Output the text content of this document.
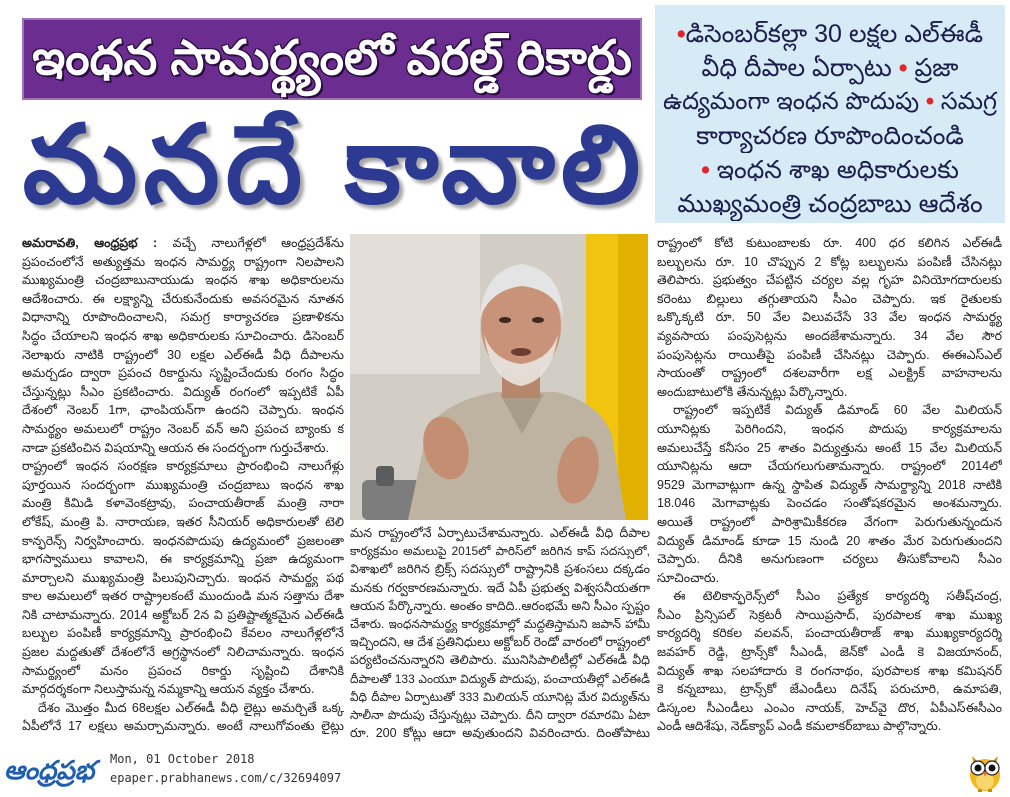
ఇంధన సామర్థ్యంలో వరల్డ్ రికార్డు
మనదే కావాలి
•డిసెంబర్‌కల్లా 30 లక్షల ఎల్ఈడీ
వీధి దీపాల ఏర్పాటు • ప్రజా
ఉద్యమంగా ఇంధన పొదుపు • సమగ్ర
కార్యాచరణ రూపొందించండి
• ఇంధన శాఖ అధికారులకు
ముఖ్యమంత్రి చంద్రబాబు ఆదేశం
అమరావతి, ఆంధ్రప్రభ : వచ్చే నాలుగేళ్లలో ఆంధ్రప్రదేశ్‌ను
ప్రపంచంలోనే అత్యుత్తమ ఇంధన సామర్థ్య రాష్ట్రంగా నిలపాలని
ముఖ్యమంత్రి చంద్రబాబునాయుడు ఇంధన శాఖ అధికారులను
ఆదేశించారు. ఈ లక్ష్యాన్ని చేరుకునేందుకు అవసరమైన నూతన
విధానాన్ని రూపొందించాలని, సమగ్ర కార్యాచరణ ప్రణాళికను
సిద్ధం చేయాలని ఇంధన శాఖ అధికారులకు సూచించారు. డిసెంబర్
నెలాఖరు నాటికి రాష్ట్రంలో 30 లక్షల ఎల్ఈడీ వీధి దీపాలను
అమర్చడం ద్వారా ప్రపంచ రికార్డును సృష్టించేందుకు రంగం సిద్ధం
చేస్తున్నట్లు సీఎం ప్రకటించారు. విద్యుత్ రంగంలో ఇప్పటికే ఏపీ
దేశంలో నెంబర్ 1గా, ఛాంపియన్‌గా ఉందని చెప్పారు. ఇంధన
సామర్థ్యం అమలులో రాష్ట్రం నెంబర్ వన్ అని ప్రపంచ బ్యాంకు క
నాడా ప్రకటించిన విషయాన్ని ఆయన ఈ సందర్భంగా గుర్తుచేశారు.
రాష్ట్రంలో ఇంధన సంరక్షణ కార్యక్రమాలు ప్రారంభించి నాలుగేళ్లు
పూర్తయిన సందర్భంగా ముఖ్యమంత్రి చంద్రబాబు ఇంధన శాఖ
మంత్రి కిమిడి కళావెంకట్రావు, పంచాయతీరాజ్ మంత్రి నారా
లోకేష్, మంత్రి పి. నారాయణ, ఇతర సీనియర్ అధికారులతో టెలి
కాన్ఫరెన్స్ నిర్వహించారు. ఇంధనపొదుపు ఉద్యమంలో ప్రజలంతా
భాగస్వాములు కావాలని, ఈ కార్యక్రమాన్ని ప్రజా ఉద్యమంగా
మార్చాలని ముఖ్యమంత్రి పిలుపునిచ్చారు. ఇంధన సామర్థ్య పథ
కాల అమలులో ఇతర రాష్ట్రాలకంటే ముందుండి మన సత్తాను దేశా
నికి చాటామన్నారు. 2014 అక్టోబర్ 2న వి ప్రతిష్టాత్మకమైన ఎల్ఈడీ
బల్బుల పంపిణీ కార్యక్రమాన్ని ప్రారంభించి కేవలం నాలుగేళ్లలోనే
ప్రజల మద్దతుతో దేశంలోనే అగ్రస్థానంలో నిలిచామన్నారు. ఇంధన
సామర్థ్యంలో మనం ప్రపంచ రికార్డు సృష్టించి దేశానికి
మార్గదర్శకంగా నిలుస్తామన్న నమ్మకాన్ని ఆయన వ్యక్తం చేశారు.
దేశం మొత్తం మీద 68లక్షల ఎల్ఈడీ వీధి లైట్లు అమర్చితే ఒక్క
ఏపీలోనే 17 లక్షలు అమర్చామన్నారు. అంటే నాలుగోవంతు లైట్లు
మన రాష్ట్రంలోనే ఏర్పాటుచేశామన్నారు. ఎల్ఈడీ వీధి దీపాల
కార్యక్రమం అమలుపై 2015లో పారిస్‌లో జరిగిన కాప్ సదస్సులో,
విశాఖలో జరిగిన బ్రిక్స్ సదస్సులో రాష్ట్రానికి ప్రశంసలు దక్కడం
మనకు గర్వకారణమన్నారు. ఇదే ఏపీ ప్రభుత్వ విశ్వసనీయతగా
ఆయన పేర్కొన్నారు. అంతం కాదిది..ఆరంభమే అని సీఎం స్పష్టం
చేశారు. ఇంధనసామర్థ్య కార్యక్రమాల్లో మద్దతిస్తామని జపాన్ హామీ
ఇచ్చిందని, ఆ దేశ ప్రతినిధులు అక్టోబర్ రెండో వారంలో రాష్ట్రంలో
పర్యటించనున్నారని తెలిపారు. మునిసిపాలిటీల్లో ఎల్ఈడీ వీధి
దీపాలతో 133 ఎంయూ విద్యుత్ పొదుపు, పంచాయతీల్లో ఎల్ఈడీ
వీధి దీపాల ఏర్పాటుతో 333 మిలియన్ యూనిట్ల మేర విద్యుత్‌ను
సాలీనా పొదుపు చేస్తున్నట్లు చెప్పారు. దీని ద్వారా రమారమి ఏటా
రూ. 200 కోట్లు ఆదా అవుతుందని వివరించారు. దింతోపాటు
రాష్ట్రంలో కోటి కుటుంబాలకు రూ. 400 ధర కలిగిన ఎల్ఈడీ
బల్బులను రూ. 10 చొప్పున 2 కోట్ల బల్బులను పంపిణీ చేసినట్లు
తెలిపారు. ప్రభుత్వం చేపట్టిన చర్యల వల్ల గృహ వినియోగదారులకు
కరెంటు బిల్లులు తగ్గుతాయని సీఎం చెప్పారు. ఇక రైతులకు
ఒక్కొక్కటి రూ. 50 వేల విలువచేసే 33 వేల ఇంధన సామర్థ్య
వ్యవసాయ పంపుసెట్లను అందజేశామన్నారు. 34 వేల సౌర
పంపుసెట్లను రాయితీపై పంపిణీ చేసినట్లు చెప్పారు. ఈఈఎస్ఎల్
సాయంతో రాష్ట్రంలో దశలవారీగా లక్ష ఎలక్ట్రిక్ వాహనాలను
అందుబాటులోకి తేనున్నట్లు పేర్కొన్నారు.
రాష్ట్రంలో ఇప్పటికే విద్యుత్ డిమాండ్ 60 వేల మిలియన్
యూనిట్లకు పెరిగిందని, ఇంధన పొదుపు కార్యక్రమాలను
అమలుచేస్తే కనీసం 25 శాతం విద్యుత్తును అంటే 15 వేల మిలియన్
యూనిట్లను ఆదా చేయగలుగుతామన్నారు. రాష్ట్రంలో 2014లో
9529 మెగావాట్లుగా ఉన్న స్థాపిత విద్యుత్ సామర్థ్యాన్ని 2018 నాటికి
18.046 మెగావాట్లకు పెంచడం సంతోషకరమైన అంశమన్నారు.
అయితే రాష్ట్రంలో పారిశ్రామికీకరణ వేగంగా పెరుగుతున్నందున
విద్యుత్ డిమాండ్ కూడా 15 నుండి 20 శాతం మేర పెరుగుతుందని
చెప్పారు. దీనికి అనుగుణంగా చర్యలు తీసుకోవాలని సీఎం
సూచించారు.
ఈ టెలికాన్ఫరెన్స్‌లో సీఎం ప్రత్యేక కార్యదర్శి సతీష్‌చంద్ర,
సీఎం ప్రిన్సిపల్ సెక్రటరీ సాయిప్రసాద్, పురపాలక శాఖ ముఖ్య
కార్యదర్శి కరికల వలవన్, పంచాయతీరాజ్ శాఖ ముఖ్యకార్యదర్శి
జవహర్ రెడ్డి, ట్రాన్స్‌కో సీఎండీ, జెన్‌కో ఎండీ కె విజయానంద్,
విద్యుత్ శాఖ సలహాదారు కె రంగనాథం, పురపాలక శాఖ కమిషనర్
కె కన్నబాబు, ట్రాన్స్‌కో జేఎండీలు దినేష్ పరుచూరి, ఉమాపతి,
డిస్కంల సీఎండీలు ఎంఎం నాయక్, హెచ్‌వై దొర, ఏపీఎస్‌ఈసీఎం
ఎండీ ఆదిశేషు, నెడ్‌క్యాప్ ఎండీ కమలాకర్‌బాబు పాల్గొన్నారు.
ఆంధ్రప్రభ	Mon, 01 October 2018
epaper.prabhanews.com/c/32694097
